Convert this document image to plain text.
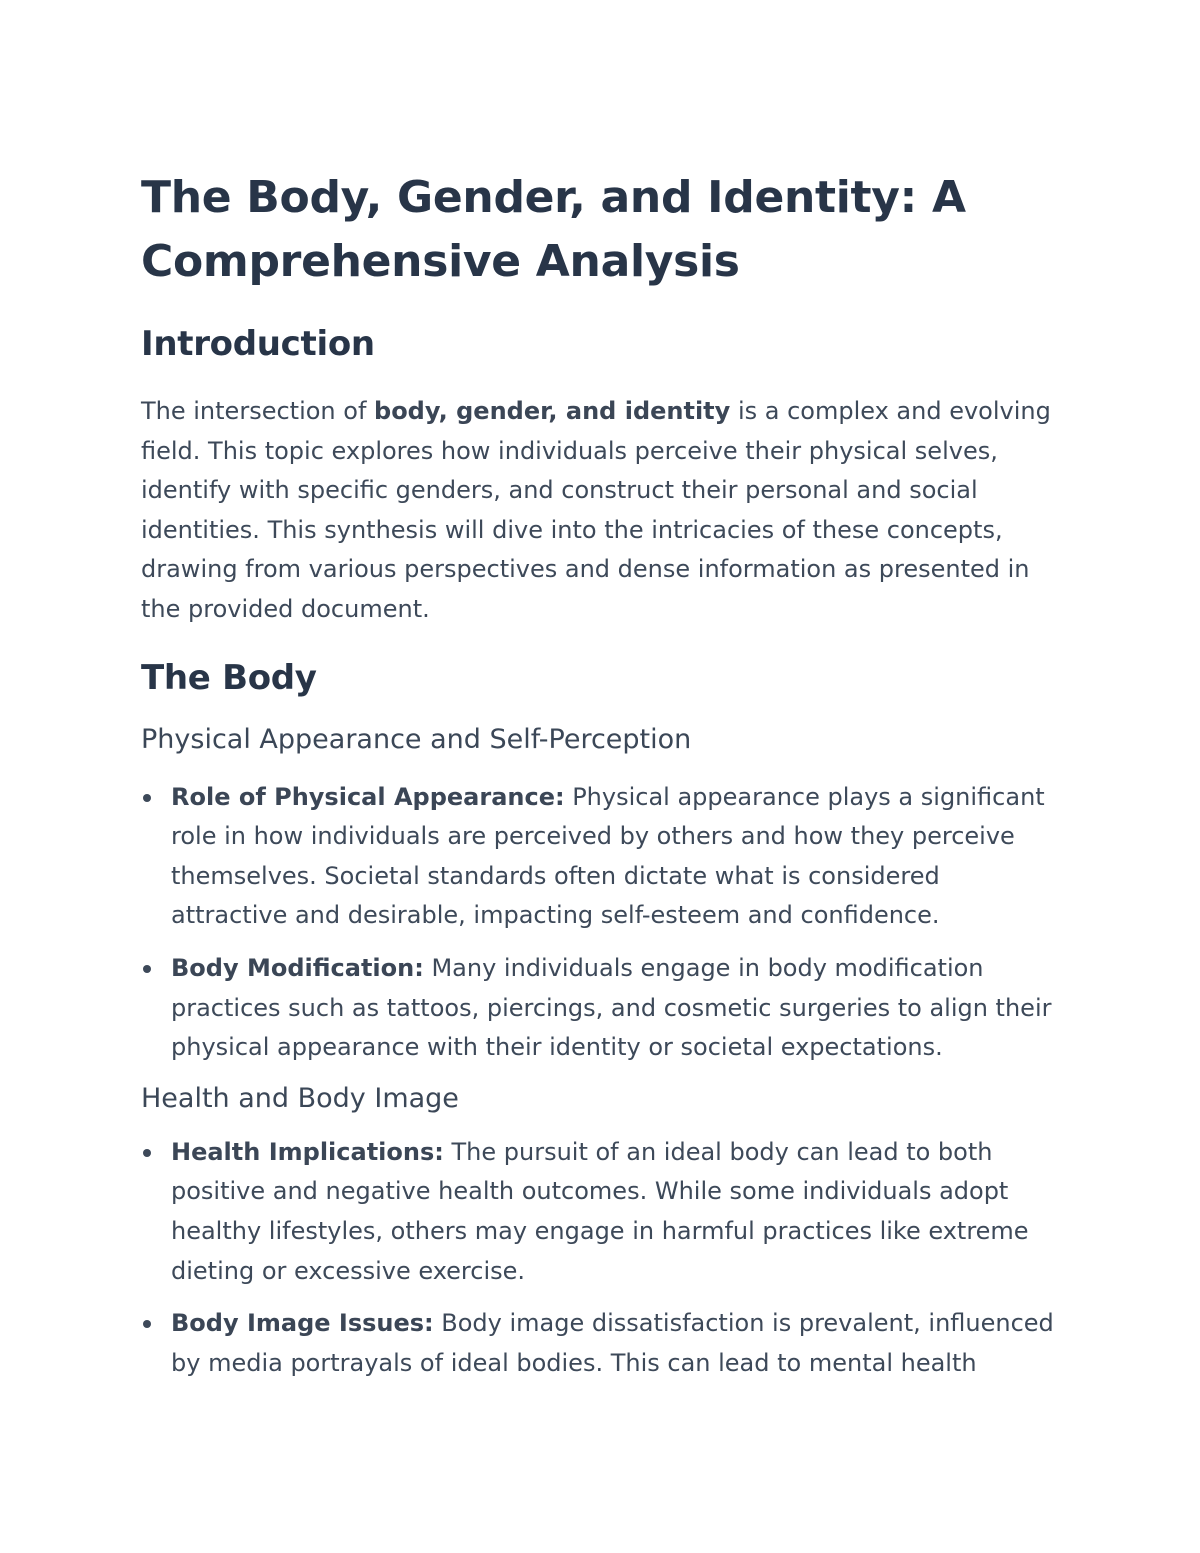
The Body, Gender, and Identity: A Comprehensive Analysis
Introduction

The intersection of body, gender, and identity is a complex and evolving field. This topic explores how individuals perceive their physical selves, identify with specific genders, and construct their personal and social identities. This synthesis will dive into the intricacies of these concepts, drawing from various perspectives and dense information as presented in the provided document.

The Body
Physical Appearance and Self-Perception
Role of Physical Appearance: Physical appearance plays a significant role in how individuals are perceived by others and how they perceive themselves. Societal standards often dictate what is considered attractive and desirable, impacting self-esteem and confidence.
Body Modification: Many individuals engage in body modification practices such as tattoos, piercings, and cosmetic surgeries to align their physical appearance with their identity or societal expectations.
Health and Body Image
Health Implications: The pursuit of an ideal body can lead to both positive and negative health outcomes. While some individuals adopt healthy lifestyles, others may engage in harmful practices like extreme dieting or excessive exercise.
Body Image Issues: Body image dissatisfaction is prevalent, influenced by media portrayals of ideal bodies. This can lead to mental health
